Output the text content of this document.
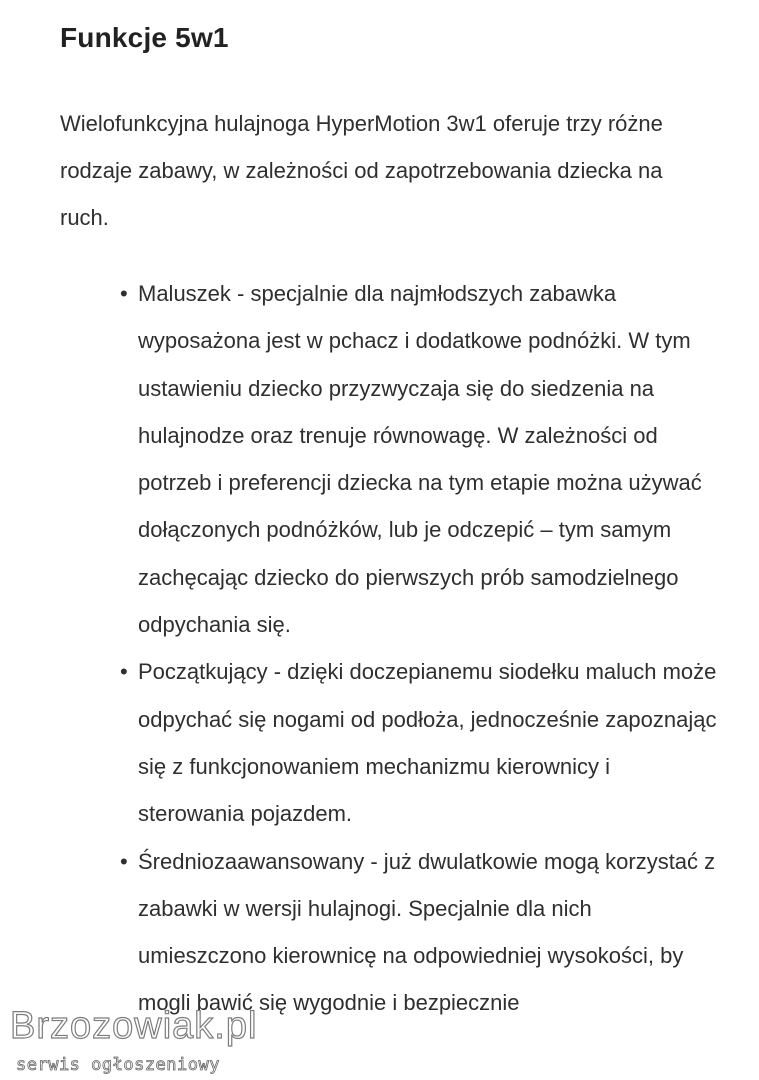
Funkcje 5w1

Wielofunkcyjna hulajnoga HyperMotion 3w1 oferuje trzy różne rodzaje zabawy, w zależności od zapotrzebowania dziecka na ruch.

• Maluszek - specjalnie dla najmłodszych zabawka wyposażona jest w pchacz i dodatkowe podnóżki. W tym ustawieniu dziecko przyzwyczaja się do siedzenia na hulajnodze oraz trenuje równowagę. W zależności od potrzeb i preferencji dziecka na tym etapie można używać dołączonych podnóżków, lub je odczepić – tym samym zachęcając dziecko do pierwszych prób samodzielnego odpychania się.
• Początkujący - dzięki doczepianemu siodełku maluch może odpychać się nogami od podłoża, jednocześnie zapoznając się z funkcjonowaniem mechanizmu kierownicy i sterowania pojazdem.
• Średniozaawansowany - już dwulatkowie mogą korzystać z zabawki w wersji hulajnogi. Specjalnie dla nich umieszczono kierownicę na odpowiedniej wysokości, by mogli bawić się wygodnie i bezpiecznie
Brzozowiak.pl
serwis ogłoszeniowy
